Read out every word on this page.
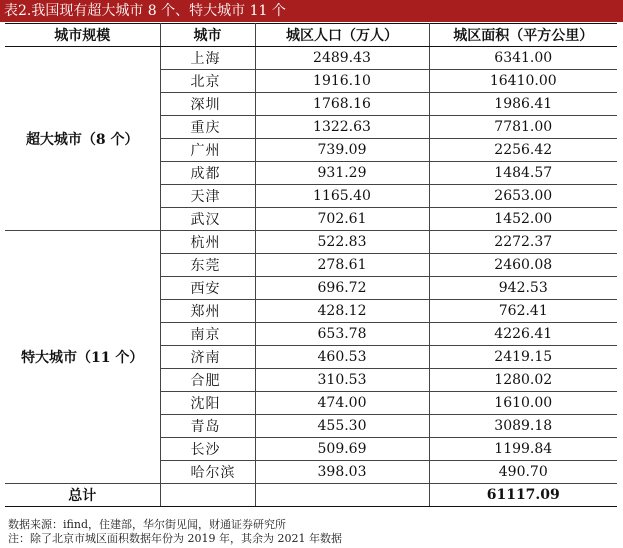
表2.我国现有超大城市 8 个、特大城市 11 个
城市规模	城市	城区人口（万人）	城区面积（平方公里）
超大城市（8 个）	上海	2489.43	6341.00
	北京	1916.10	16410.00
	深圳	1768.16	1986.41
	重庆	1322.63	7781.00
	广州	739.09	2256.42
	成都	931.29	1484.57
	天津	1165.40	2653.00
	武汉	702.61	1452.00
特大城市（11 个）	杭州	522.83	2272.37
	东莞	278.61	2460.08
	西安	696.72	942.53
	郑州	428.12	762.41
	南京	653.78	4226.41
	济南	460.53	2419.15
	合肥	310.53	1280.02
	沈阳	474.00	1610.00
	青岛	455.30	3089.18
	长沙	509.69	1199.84
	哈尔滨	398.03	490.70
总计			61117.09
数据来源：ifind，住建部，华尔街见闻，财通证券研究所
注：除了北京市城区面积数据年份为 2019 年，其余为 2021 年数据
